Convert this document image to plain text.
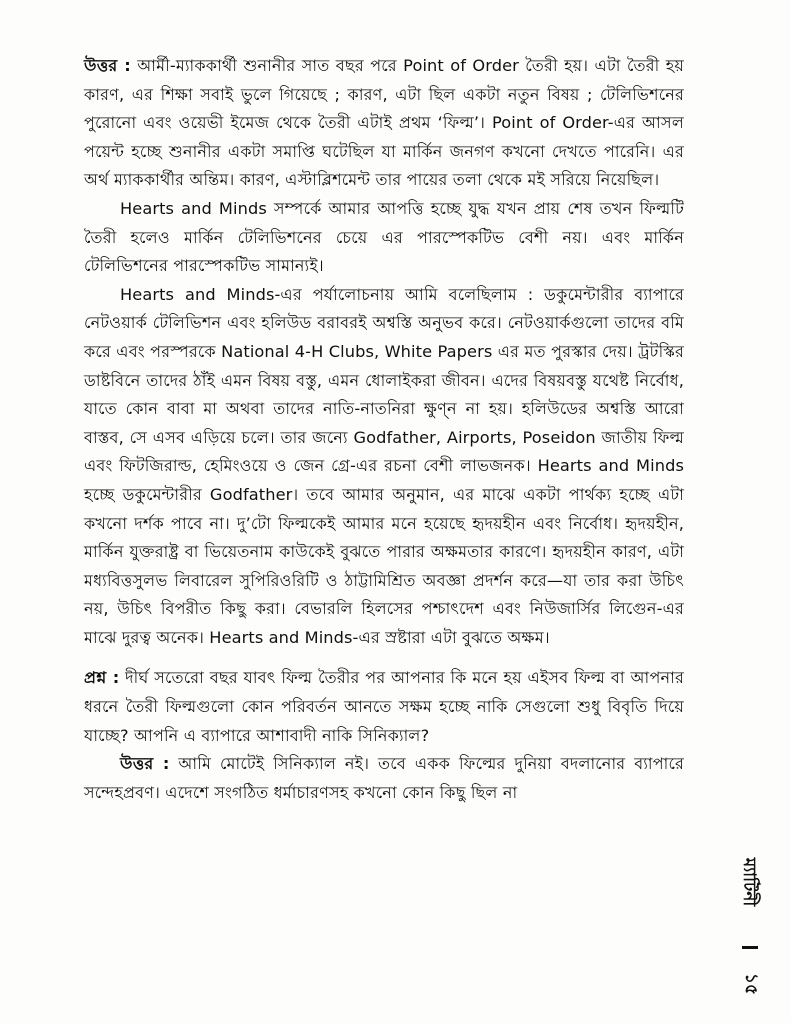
উত্তর : আর্মী-ম্যাককার্থী শুনানীর সাত বছর পরে Point of Order তৈরী হয়। এটা তৈরী হয় কারণ, এর শিক্ষা সবাই ভুলে গিয়েছে ; কারণ, এটা ছিল একটা নতুন বিষয় ; টেলিভিশনের পুরোনো এবং ওয়েভী ইমেজ থেকে তৈরী এটাই প্রথম ‘ফিল্ম’। Point of Order-এর আসল পয়েন্ট হচ্ছে শুনানীর একটা সমাপ্তি ঘটেছিল যা মার্কিন জনগণ কখনো দেখতে পারেনি। এর অর্থ ম্যাককার্থীর অন্তিম। কারণ, এস্টাব্লিশমেন্ট তার পায়ের তলা থেকে মই সরিয়ে নিয়েছিল।

Hearts and Minds সম্পর্কে আমার আপত্তি হচ্ছে যুদ্ধ যখন প্রায় শেষ তখন ফিল্মটি তৈরী হলেও মার্কিন টেলিভিশনের চেয়ে এর পারস্পেকটিভ বেশী নয়। এবং মার্কিন টেলিভিশনের পারস্পেকটিভ সামান্যই।

Hearts and Minds-এর পর্যালোচনায় আমি বলেছিলাম : ডকুমেন্টারীর ব্যাপারে নেটওয়ার্ক টেলিভিশন এবং হলিউড বরাবরই অশ্বস্তি অনুভব করে। নেটওয়ার্কগুলো তাদের বমি করে এবং পরস্পরকে National 4-H Clubs, White Papers এর মত পুরস্কার দেয়। ট্রটস্কির ডাষ্টবিনে তাদের ঠাঁই এমন বিষয় বস্তু, এমন ধোলাইকরা জীবন। এদের বিষয়বস্তু যথেষ্ট নির্বোধ, যাতে কোন বাবা মা অথবা তাদের নাতি-নাতনিরা ক্ষুণ্ন না হয়। হলিউডের অশ্বস্তি আরো বাস্তব, সে এসব এড়িয়ে চলে। তার জন্যে Godfather, Airports, Poseidon জাতীয় ফিল্ম এবং ফিটজিরাল্ড, হেমিংওয়ে ও জেন গ্রে-এর রচনা বেশী লাভজনক। Hearts and Minds হচ্ছে ডকুমেন্টারীর Godfather। তবে আমার অনুমান, এর মাঝে একটা পার্থক্য হচ্ছে এটা কখনো দর্শক পাবে না। দু’টো ফিল্মকেই আমার মনে হয়েছে হৃদয়হীন এবং নির্বোধ। হৃদয়হীন, মার্কিন যুক্তরাষ্ট্র বা ভিয়েতনাম কাউকেই বুঝতে পারার অক্ষমতার কারণে। হৃদয়হীন কারণ, এটা মধ্যবিত্তসুলভ লিবারেল সুপিরিওরিটি ও ঠাট্টামিশ্রিত অবজ্ঞা প্রদর্শন করে—যা তার করা উচিৎ নয়, উচিৎ বিপরীত কিছু করা। বেভারলি হিলসের পশ্চাৎদেশ এবং নিউজার্সির লিগুেন-এর মাঝে দুরত্ব অনেক। Hearts and Minds-এর স্রষ্টারা এটা বুঝতে অক্ষম।

প্রশ্ন : দীর্ঘ সতেরো বছর যাবৎ ফিল্ম তৈরীর পর আপনার কি মনে হয় এইসব ফিল্ম বা আপনার ধরনে তৈরী ফিল্মগুলো কোন পরিবর্তন আনতে সক্ষম হচ্ছে নাকি সেগুলো শুধু বিবৃতি দিয়ে যাচ্ছে? আপনি এ ব্যাপারে আশাবাদী নাকি সিনিক্যাল?

উত্তর : আমি মোটেই সিনিক্যাল নই। তবে একক ফিল্মের দুনিয়া বদলানোর ব্যাপারে সন্দেহপ্রবণ। এদেশে সংগঠিত ধর্মাচারণসহ কখনো কোন কিছু ছিল না

ম্যাটিনী
১৫
